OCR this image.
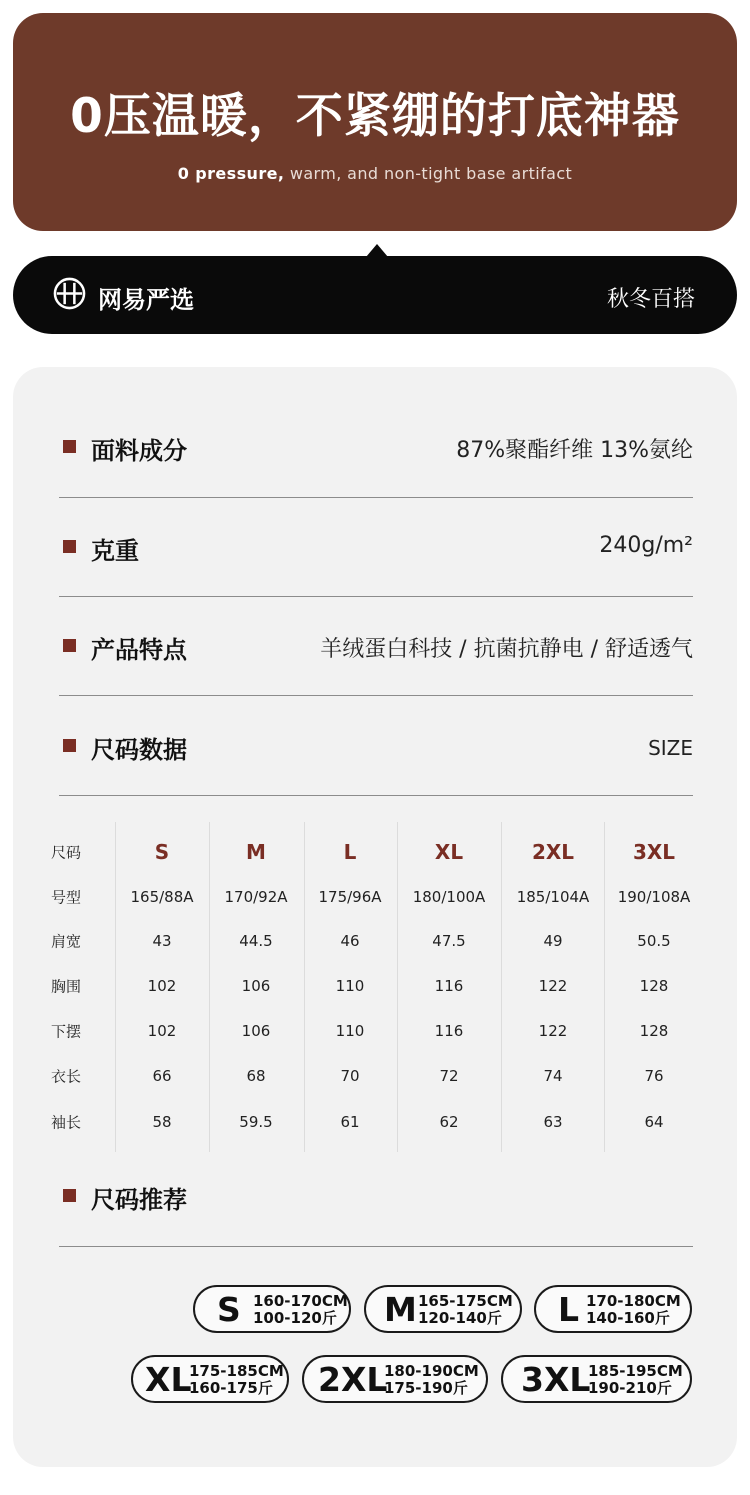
0压温暖，不紧绷的打底神器
0 pressure, warm, and non-tight base artifact
网易严选	秋冬百搭
面料成分	87%聚酯纤维 13%氨纶
克重	240g/m²
产品特点	羊绒蛋白科技 / 抗菌抗静电 / 舒适透气
尺码数据	SIZE
尺码	S	M	L	XL	2XL	3XL
号型	165/88A 170/92A 175/96A 180/100A 185/104A 190/108A
肩宽	43	44.5	46	47.5	49	50.5
胸围	102	106	110	116	122	128
下摆	102	106	110	116	122	128
衣长	66	68	70	72	74	76
袖长	58	59.5	61	62	63	64
尺码推荐
S 160-170CM
100-120斤 M 165-175CM
120-140斤 L 170-180CM
140-160斤
XL
175-185CM
160-175斤 2XL
180-190CM
175-190斤 3XL
185-195CM
190-210斤
